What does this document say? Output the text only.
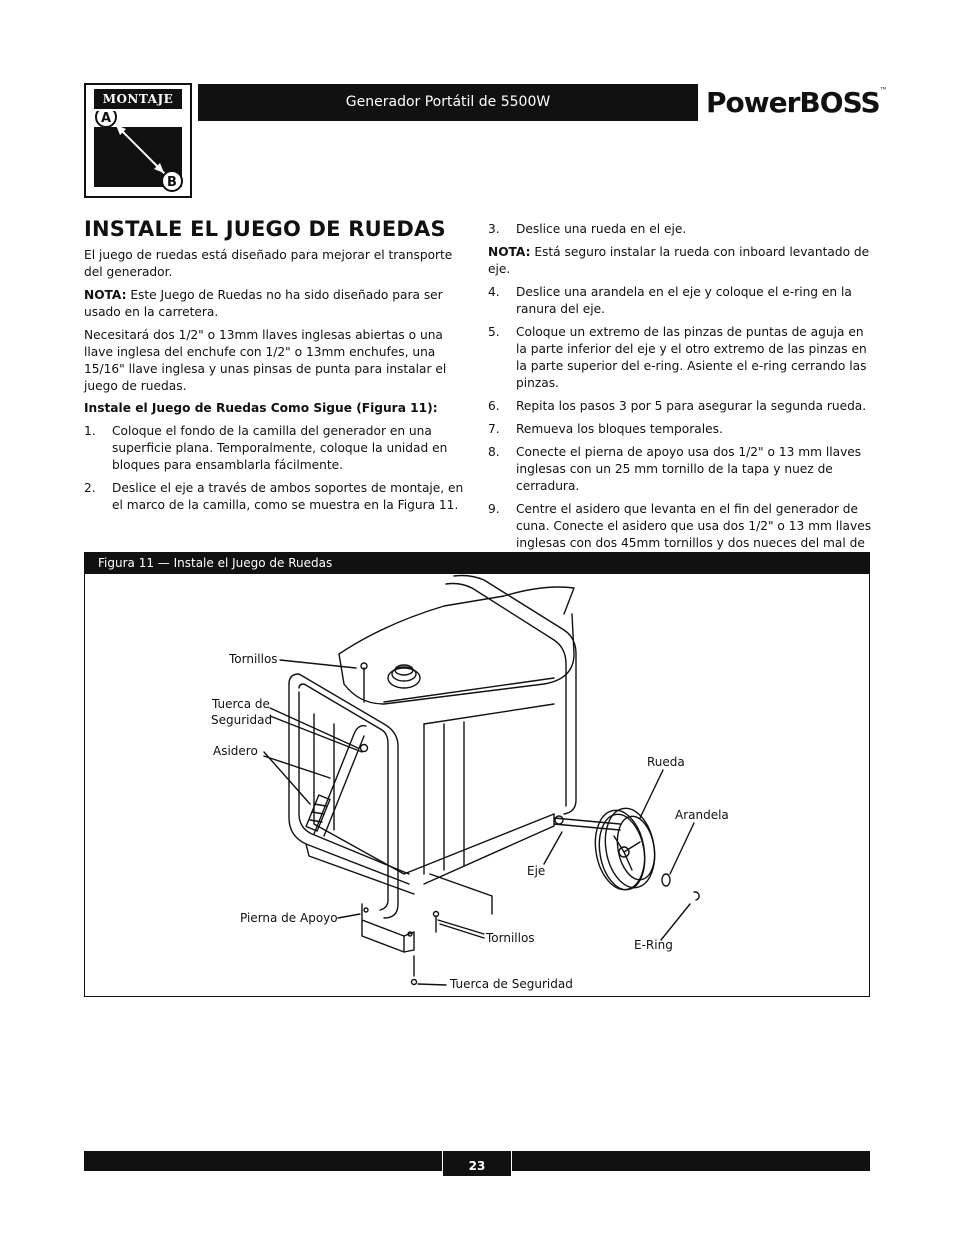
MONTAJE
A
B
Generador Portátil de 5500W	PowerBOSS™
INSTALE EL JUEGO DE RUEDAS

El juego de ruedas está diseñado para mejorar el transporte del generador.

NOTA: Este Juego de Ruedas no ha sido diseñado para ser usado en la carretera.

Necesitará dos 1/2" o 13mm llaves inglesas abiertas o una llave inglesa del enchufe con 1/2" o 13mm enchufes, una 15/16" llave inglesa y unas pinsas de punta para instalar el juego de ruedas.

Instale el Juego de Ruedas Como Sigue (Figura 11):

1. Coloque el fondo de la camilla del generador en una superficie plana. Temporalmente, coloque la unidad en bloques para ensamblarla fácilmente.
2. Deslice el eje a través de ambos soportes de montaje, en el marco de la camilla, como se muestra en la Figura 11.
3. Deslice una rueda en el eje.

NOTA: Está seguro instalar la rueda con inboard levantado de eje.

4. Deslice una arandela en el eje y coloque el e-ring en la ranura del eje.
5. Coloque un extremo de las pinzas de puntas de aguja en la parte inferior del eje y el otro extremo de las pinzas en la parte superior del e-ring. Asiente el e-ring cerrando las pinzas.
6. Repita los pasos 3 por 5 para asegurar la segunda rueda.
7. Remueva los bloques temporales.
8. Conecte el pierna de apoyo usa dos 1/2" o 13 mm llaves inglesas con un 25 mm tornillo de la tapa y nuez de cerradura.
9. Centre el asidero que levanta en el fin del generador de cuna. Conecte el asidero que usa dos 1/2" o 13 mm llaves inglesas con dos 45mm tornillos y dos nueces del mal de
Figura 11 — Instale el Juego de Ruedas
Tornillos
Tuerca de
Seguridad
Asidero
Rueda
Arandela
Eje
Pierna de Apoyo
Tornillos	E-Ring
Tuerca de Seguridad
23
